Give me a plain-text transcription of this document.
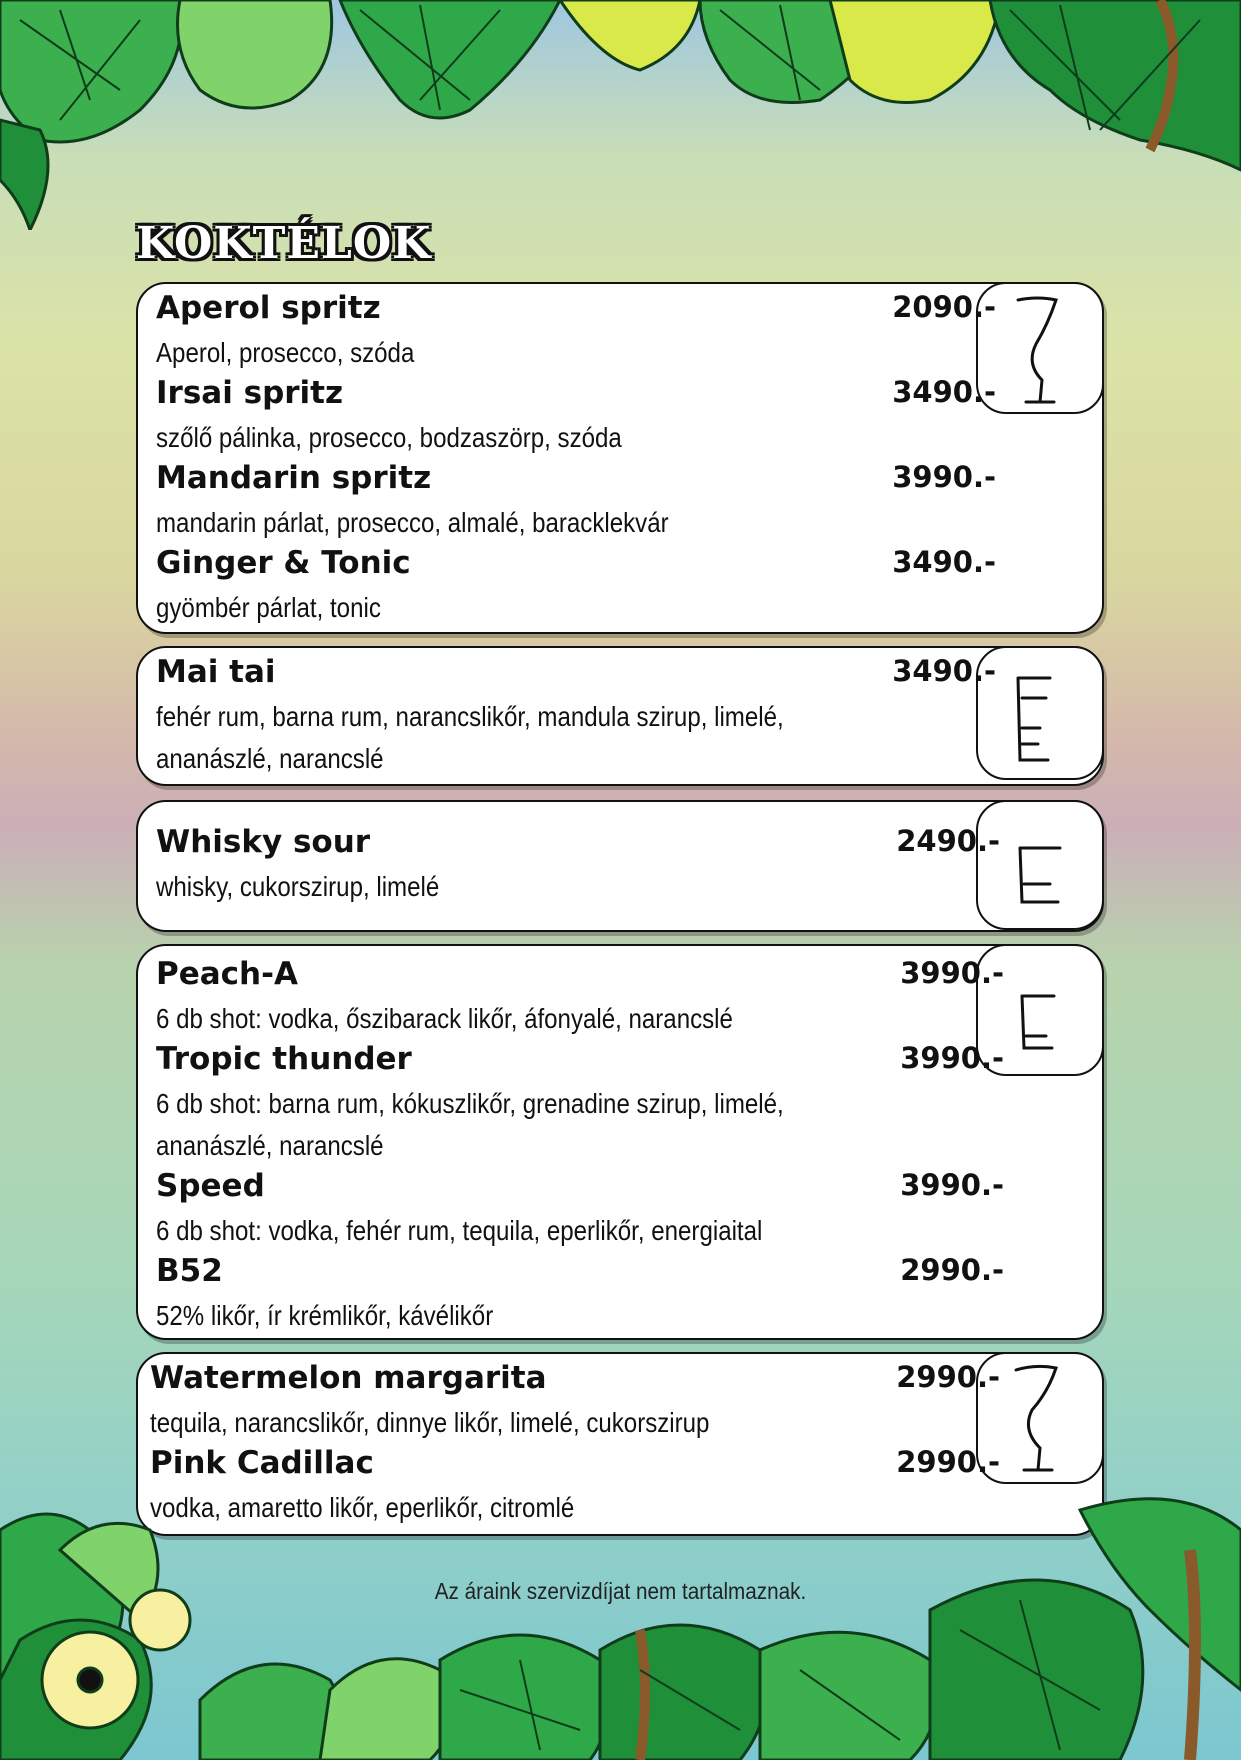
KOKTÉLOK
Aperol spritz	2090.-
Aperol, prosecco, szóda
Irsai spritz	3490.-
szőlő pálinka, prosecco, bodzaszörp, szóda
Mandarin spritz	3990.-
mandarin párlat, prosecco, almalé, baracklekvár
Ginger & Tonic	3490.-
gyömbér párlat, tonic
Mai tai	3490.-
fehér rum, barna rum, narancslikőr, mandula szirup, limelé, ananászlé, narancslé
Whisky sour	2490.-
whisky, cukorszirup, limelé
Peach-A	3990.-
6 db shot: vodka, őszibarack likőr, áfonyalé, narancslé
Tropic thunder	3990.-
6 db shot: barna rum, kókuszlikőr, grenadine szirup, limelé, ananászlé, narancslé
Speed	3990.-
6 db shot: vodka, fehér rum, tequila, eperlikőr, energiaital
B52	2990.-
52% likőr, ír krémlikőr, kávélikőr
Watermelon margarita	2990.-
tequila, narancslikőr, dinnye likőr, limelé, cukorszirup
Pink Cadillac	2990.-
vodka, amaretto likőr, eperlikőr, citromlé
Az áraink szervizdíjat nem tartalmaznak.
